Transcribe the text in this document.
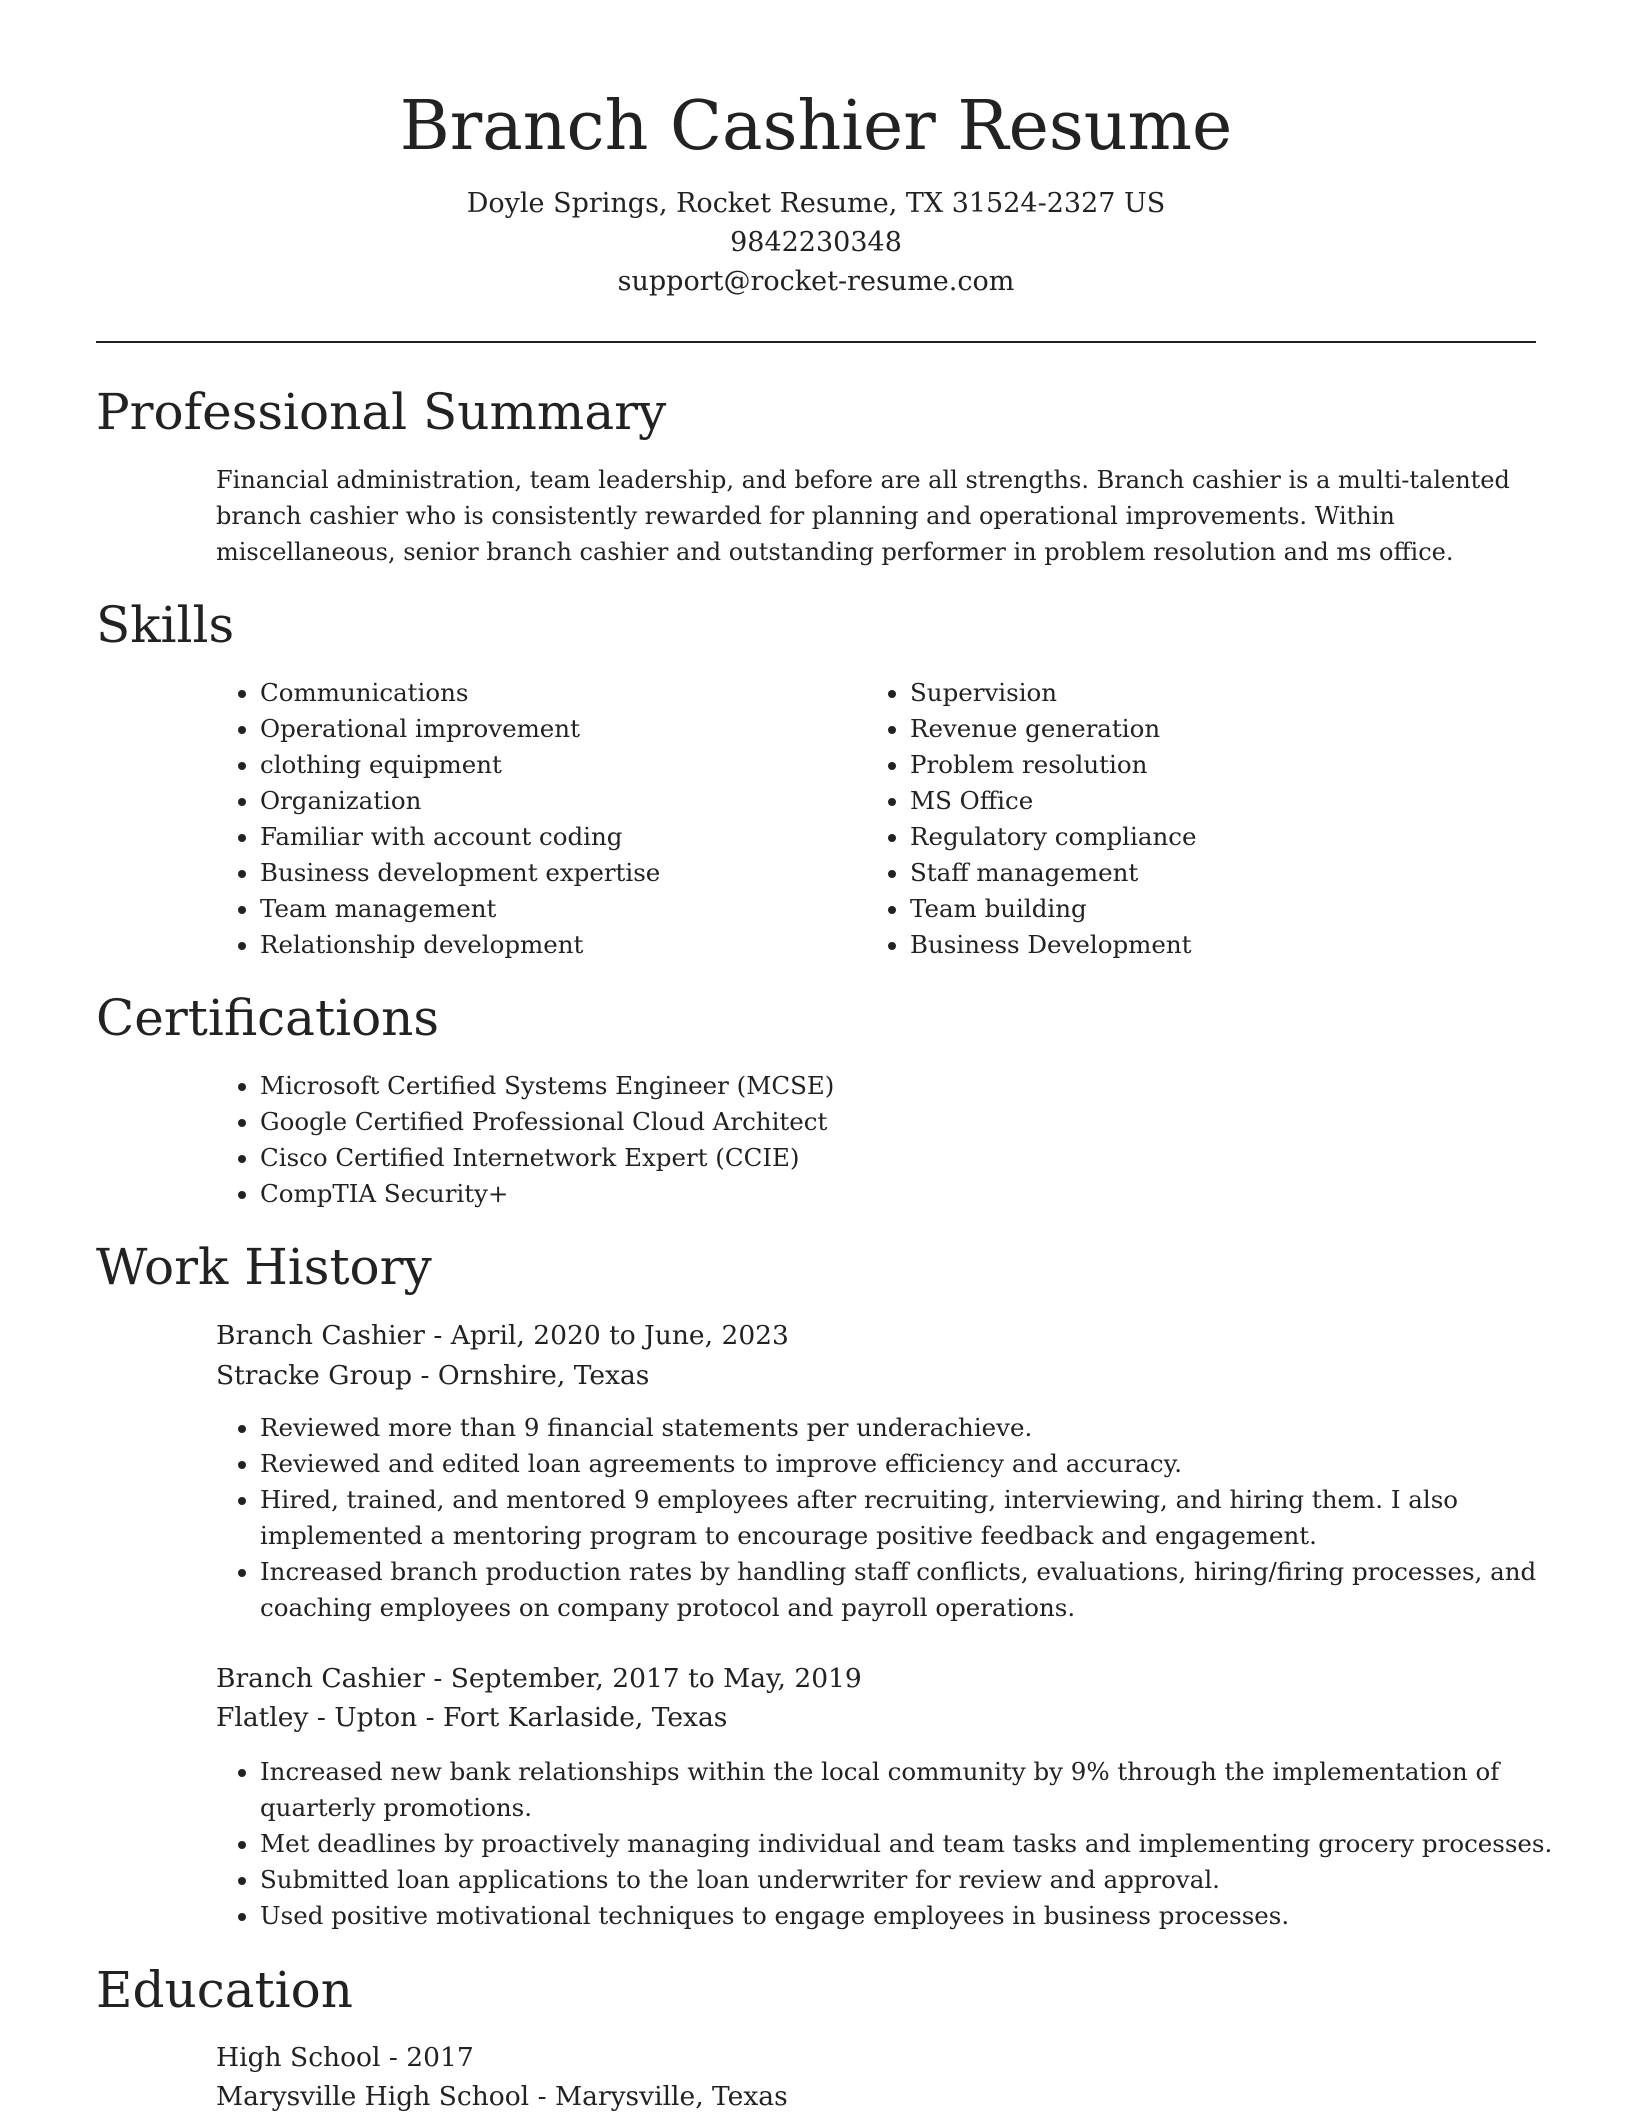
Branch Cashier Resume
Doyle Springs, Rocket Resume, TX 31524-2327 US
9842230348
support@rocket-resume.com
Professional Summary
Financial administration, team leadership, and before are all strengths. Branch cashier is a multi-talented branch cashier who is consistently rewarded for planning and operational improvements. Within miscellaneous, senior branch cashier and outstanding performer in problem resolution and ms office.
Skills
• Communications
• Operational improvement
• clothing equipment
• Organization
• Familiar with account coding
• Business development expertise
• Team management
• Relationship development
• Supervision
• Revenue generation
• Problem resolution
• MS Office
• Regulatory compliance
• Staff management
• Team building
• Business Development
Certifications
• Microsoft Certified Systems Engineer (MCSE)
• Google Certified Professional Cloud Architect
• Cisco Certified Internetwork Expert (CCIE)
• CompTIA Security+
Work History
Branch Cashier - April, 2020 to June, 2023
Stracke Group - Ornshire, Texas
• Reviewed more than 9 financial statements per underachieve.
• Reviewed and edited loan agreements to improve efficiency and accuracy.
• Hired, trained, and mentored 9 employees after recruiting, interviewing, and hiring them. I also implemented a mentoring program to encourage positive feedback and engagement.
• Increased branch production rates by handling staff conflicts, evaluations, hiring/firing processes, and coaching employees on company protocol and payroll operations.
Branch Cashier - September, 2017 to May, 2019
Flatley - Upton - Fort Karlaside, Texas
• Increased new bank relationships within the local community by 9% through the implementation of quarterly promotions.
• Met deadlines by proactively managing individual and team tasks and implementing grocery processes.
• Submitted loan applications to the loan underwriter for review and approval.
• Used positive motivational techniques to engage employees in business processes.
Education
High School - 2017
Marysville High School - Marysville, Texas
